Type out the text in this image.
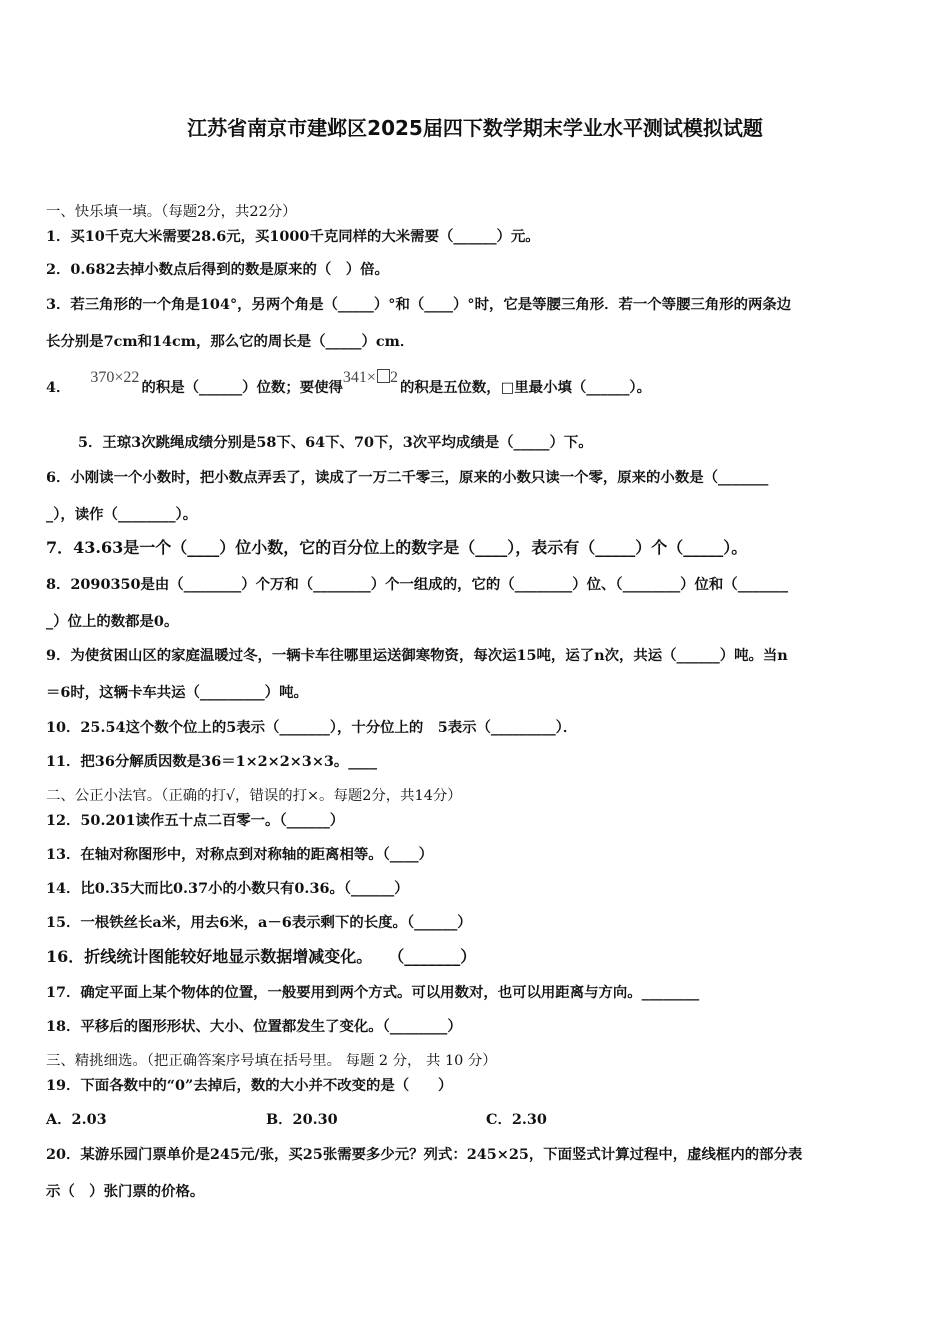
江苏省南京市建邺区2025届四下数学期末学业水平测试模拟试题
一、快乐填一填。（每题2分，共22分）
1．买10千克大米需要28.6元，买1000千克同样的大米需要（______）元。
2．0.682去掉小数点后得到的数是原来的（　）倍。
3．若三角形的一个角是104°，另两个角是（_____）°和（____）°时，它是等腰三角形．若一个等腰三角形的两条边
长分别是7cm和14cm，那么它的周长是（_____）cm．
4．370×22的积是（______）位数；要使得341× 2的积是五位数，□里最小填（______）。
5．王琼3次跳绳成绩分别是58下、64下、70下，3次平均成绩是（_____）下。
6．小刚读一个小数时，把小数点弄丢了，读成了一万二千零三，原来的小数只读一个零，原来的小数是（_______
_），读作（________）。
7．43.63是一个（____）位小数，它的百分位上的数字是（____），表示有（_____）个（_____）。
8．2090350是由（________）个万和（________）个一组成的，它的（________）位、（________）位和（_______
_）位上的数都是0。
9．为使贫困山区的家庭温暖过冬，一辆卡车往哪里运送御寒物资，每次运15吨，运了n次，共运（______）吨。当n
＝6时，这辆卡车共运（_________）吨。
10．25.54这个数个位上的5表示（_______），十分位上的　5表示（_________）．
11．把36分解质因数是36＝1×2×2×3×3。____
二、公正小法官。（正确的打√，错误的打×。每题2分，共14分）
12．50.201读作五十点二百零一。（______）
13．在轴对称图形中，对称点到对称轴的距离相等。（____）
14．比0.35大而比0.37小的小数只有0.36。（______）
15．一根铁丝长a米，用去6米，a－6表示剩下的长度。（______）
16．折线统计图能较好地显示数据增减变化。　　（_______）
17．确定平面上某个物体的位置，一般要用到两个方式。可以用数对，也可以用距离与方向。________
18．平移后的图形形状、大小、位置都发生了变化。（________）
三、精挑细选。（把正确答案序号填在括号里。 每题 2 分， 共 10 分）
19．下面各数中的“0”去掉后，数的大小并不改变的是（　　）
A．2.03	B．20.30	C．2.30
20．某游乐园门票单价是245元/张，买25张需要多少元？列式：245×25，下面竖式计算过程中，虚线框内的部分表
示（　）张门票的价格。
